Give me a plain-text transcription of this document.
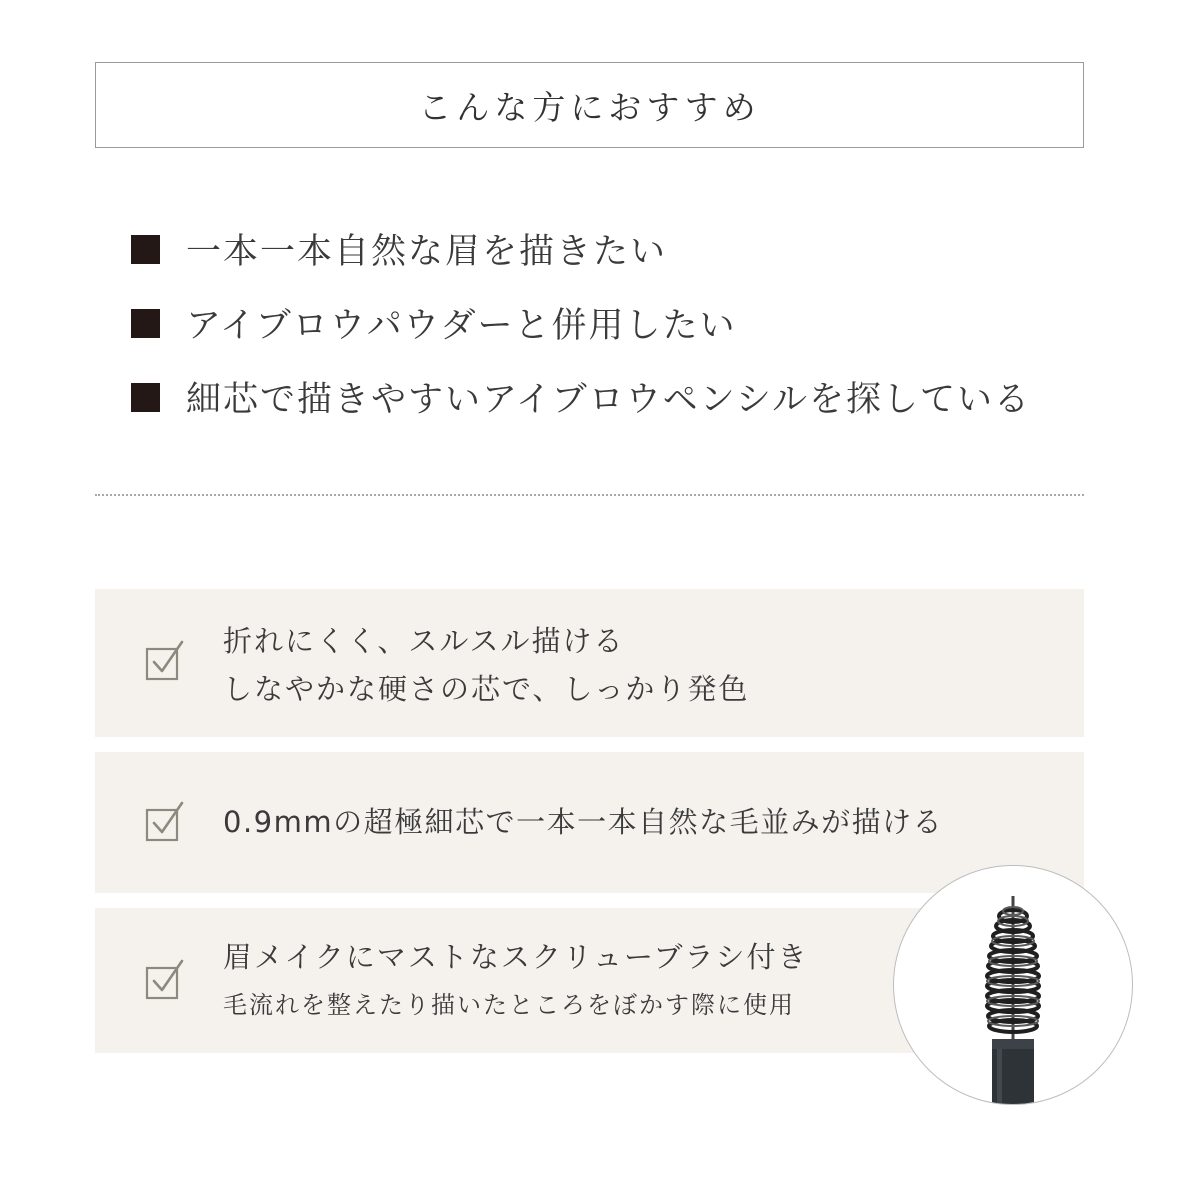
こんな方におすすめ
一本一本自然な眉を描きたい
アイブロウパウダーと併用したい
細芯で描きやすいアイブロウペンシルを探している
折れにくく、スルスル描ける
しなやかな硬さの芯で、しっかり発色
0.9mmの超極細芯で一本一本自然な毛並みが描ける
眉メイクにマストなスクリューブラシ付き
毛流れを整えたり描いたところをぼかす際に使用
